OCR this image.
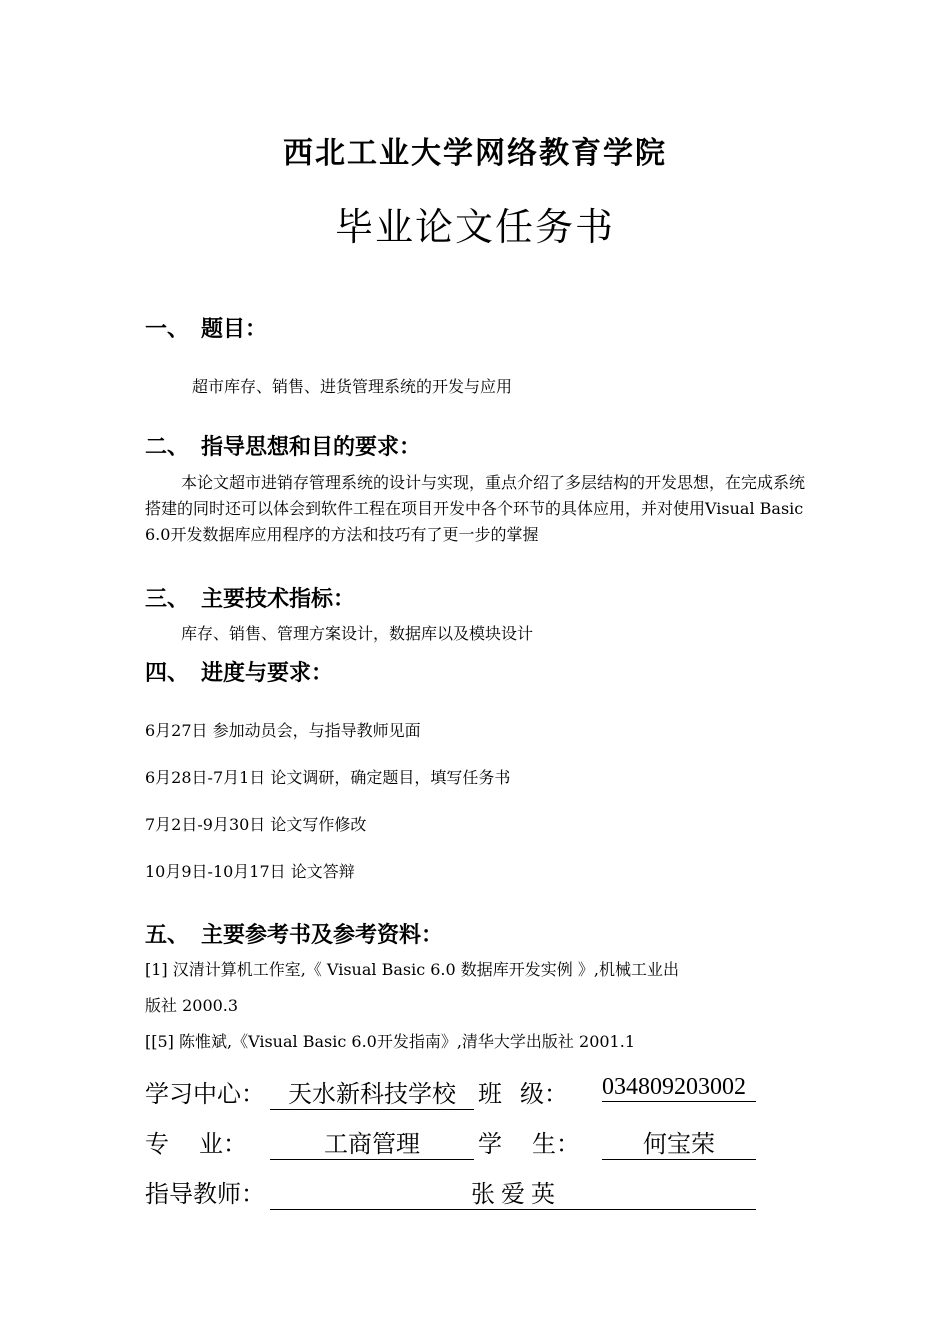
西北工业大学网络教育学院
毕业论文任务书
一、 题目：
超市库存、销售、进货管理系统的开发与应用
二、 指导思想和目的要求：
本论文超市进销存管理系统的设计与实现，重点介绍了多层结构的开发思想，在完成系统搭建的同时还可以体会到软件工程在项目开发中各个环节的具体应用，并对使用Visual Basic 6.0开发数据库应用程序的方法和技巧有了更一步的掌握
三、 主要技术指标：
库存、销售、管理方案设计，数据库以及模块设计
四、 进度与要求：
6月27日 参加动员会，与指导教师见面
6月28日-7月1日 论文调研，确定题目，填写任务书
7月2日-9月30日 论文写作修改
10月9日-10月17日 论文答辩
五、 主要参考书及参考资料：
[1] 汉清计算机工作室,《 Visual Basic 6.0 数据库开发实例 》,机械工业出
版社 2000.3
[[5] 陈惟斌,《Visual Basic 6.0开发指南》,清华大学出版社 2001.1
学习中心： 天水新科技学校 班   级： 034809203002
专     业：	工商管理	学     生：	何宝荣
指导教师：	张 爱 英
